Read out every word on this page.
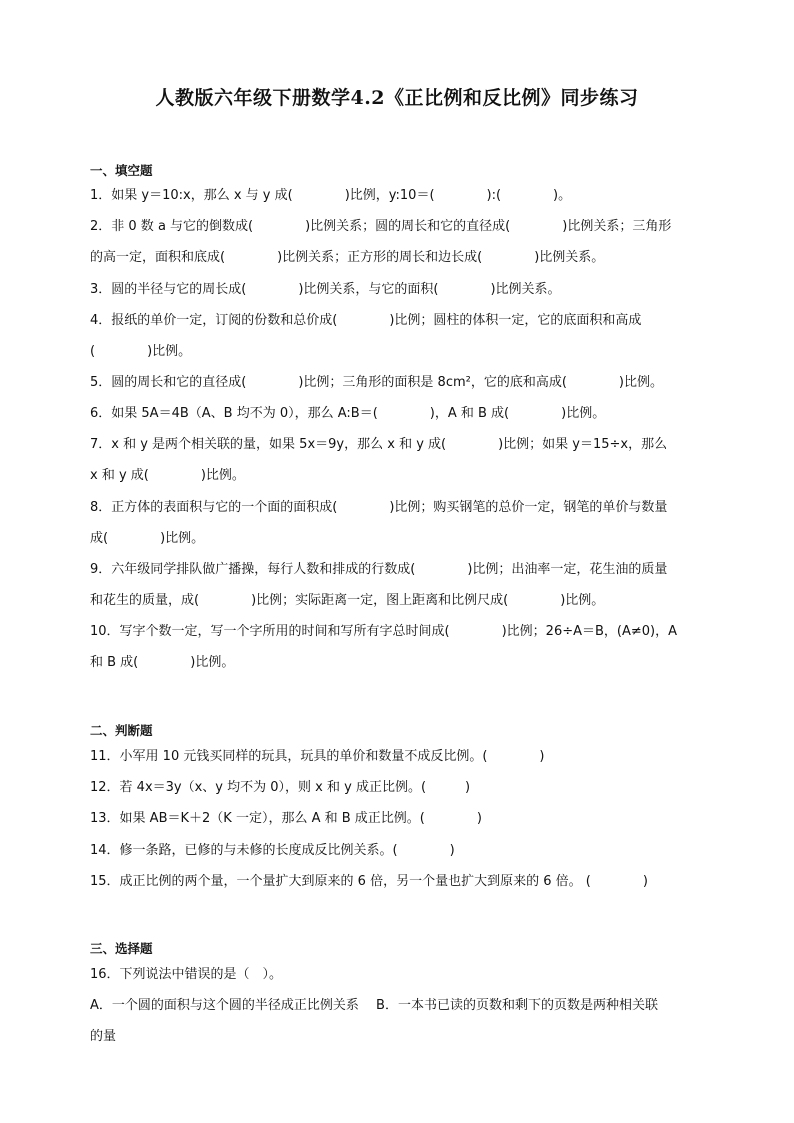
人教版六年级下册数学4.2《正比例和反比例》同步练习
一、填空题
1．如果 y＝10:x，那么 x 与 y 成(　　　　)比例，y:10＝(　　　　):(　　　　)。
2．非 0 数 a 与它的倒数成(　　　　)比例关系；圆的周长和它的直径成(　　　　)比例关系；三角形
的高一定，面积和底成(　　　　)比例关系；正方形的周长和边长成(　　　　)比例关系。
3．圆的半径与它的周长成(　　　　)比例关系，与它的面积(　　　　)比例关系。
4．报纸的单价一定，订阅的份数和总价成(　　　　)比例；圆柱的体积一定，它的底面积和高成
(　　　　)比例。
5．圆的周长和它的直径成(　　　　)比例；三角形的面积是 8cm²，它的底和高成(　　　　)比例。
6．如果 5A＝4B（A、B 均不为 0），那么 A:B＝(　　　　)，A 和 B 成(　　　　)比例。
7．x 和 y 是两个相关联的量，如果 5x＝9y，那么 x 和 y 成(　　　　)比例；如果 y＝15÷x，那么
x 和 y 成(　　　　)比例。
8．正方体的表面积与它的一个面的面积成(　　　　)比例；购买钢笔的总价一定，钢笔的单价与数量
成(　　　　)比例。
9．六年级同学排队做广播操，每行人数和排成的行数成(　　　　)比例；出油率一定，花生油的质量
和花生的质量，成(　　　　)比例；实际距离一定，图上距离和比例尺成(　　　　)比例。
10．写字个数一定，写一个字所用的时间和写所有字总时间成(　　　　)比例；26÷A＝B，(A≠0)，A
和 B 成(　　　　)比例。
二、判断题
11．小军用 10 元钱买同样的玩具，玩具的单价和数量不成反比例。(　　　　)
12．若 4x＝3y（x、y 均不为 0），则 x 和 y 成正比例。(　　　)
13．如果 AB＝K＋2（K 一定），那么 A 和 B 成正比例。(　　　　)
14．修一条路，已修的与未修的长度成反比例关系。(　　　　)
15．成正比例的两个量，一个量扩大到原来的 6 倍，另一个量也扩大到原来的 6 倍。 (　　　　)
三、选择题
16．下列说法中错误的是（　）。
A．一个圆的面积与这个圆的半径成正比例关系　 B．一本书已读的页数和剩下的页数是两种相关联
的量
